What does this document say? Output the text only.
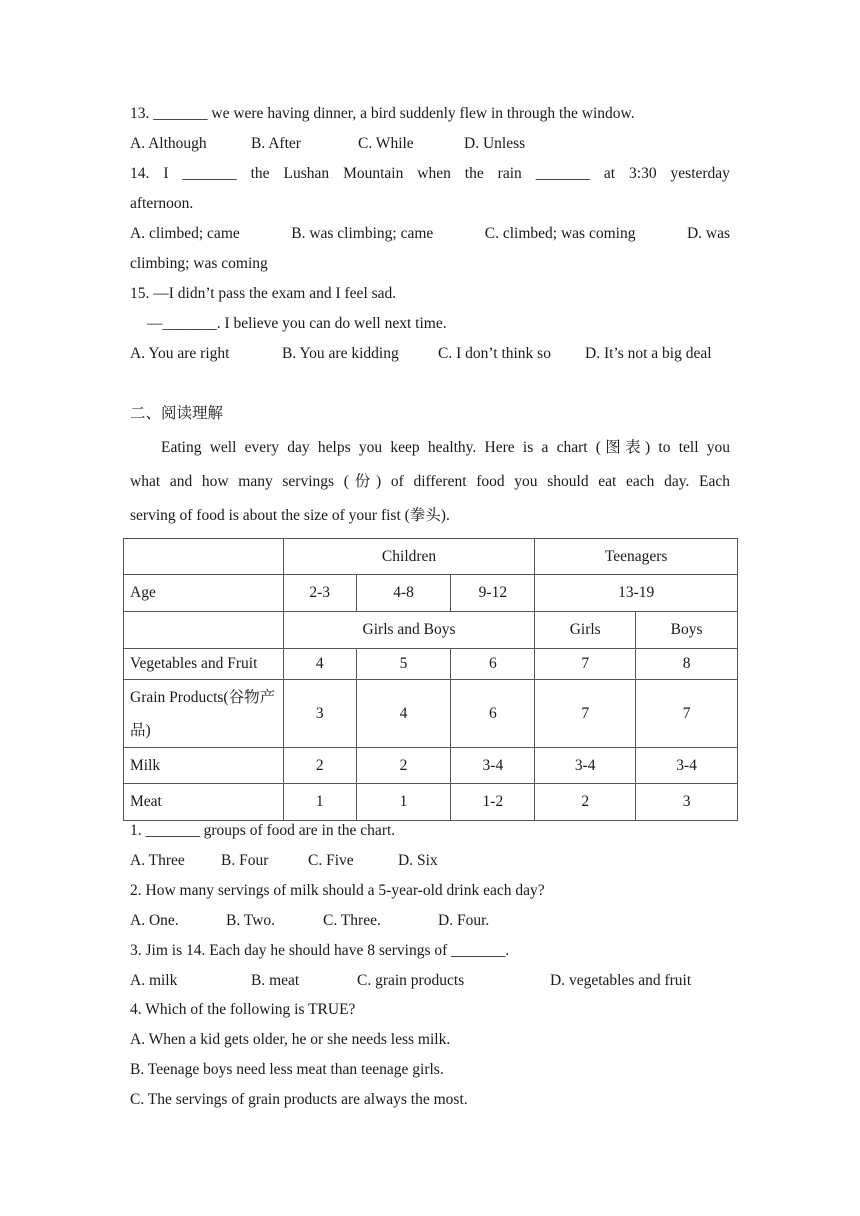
13. _______ we were having dinner, a bird suddenly flew in through the window.
A. Although	B. After	C. While	D. Unless
14. I _______ the Lushan Mountain when the rain _______ at 3:30 yesterday
afternoon.
A. climbed; came	B. was climbing; came	C. climbed; was coming	D. was
climbing; was coming
15. —I didn’t pass the exam and I feel sad.
—_______. I believe you can do well next time.
A. You are right	B. You are kidding	C. I don’t think so D. It’s not a big deal
二、阅读理解
Eating well every day helps you keep healthy. Here is a chart (图表) to tell you
what and how many servings (份) of different food you should eat each day. Each
serving of food is about the size of your fist (拳头).
	Children			Teenagers	
Age	2-3	4-8	9-12	13-19	
	Girls and Boys			Girls	Boys
Vegetables and Fruit	4	5	6	7	8
Grain Products(谷物产品)	3	4	6	7	7
Milk	2	2	3-4	3-4	3-4
Meat	1	1	1-2	2	3
1. _______ groups of food are in the chart.
A. Three B. Four	C. Five	D. Six
2. How many servings of milk should a 5-year-old drink each day?
A. One.	B. Two.	C. Three.	D. Four.
3. Jim is 14. Each day he should have 8 servings of _______.
A. milk	B. meat	C. grain products	D. vegetables and fruit
4. Which of the following is TRUE?
A. When a kid gets older, he or she needs less milk.
B. Teenage boys need less meat than teenage girls.
C. The servings of grain products are always the most.
